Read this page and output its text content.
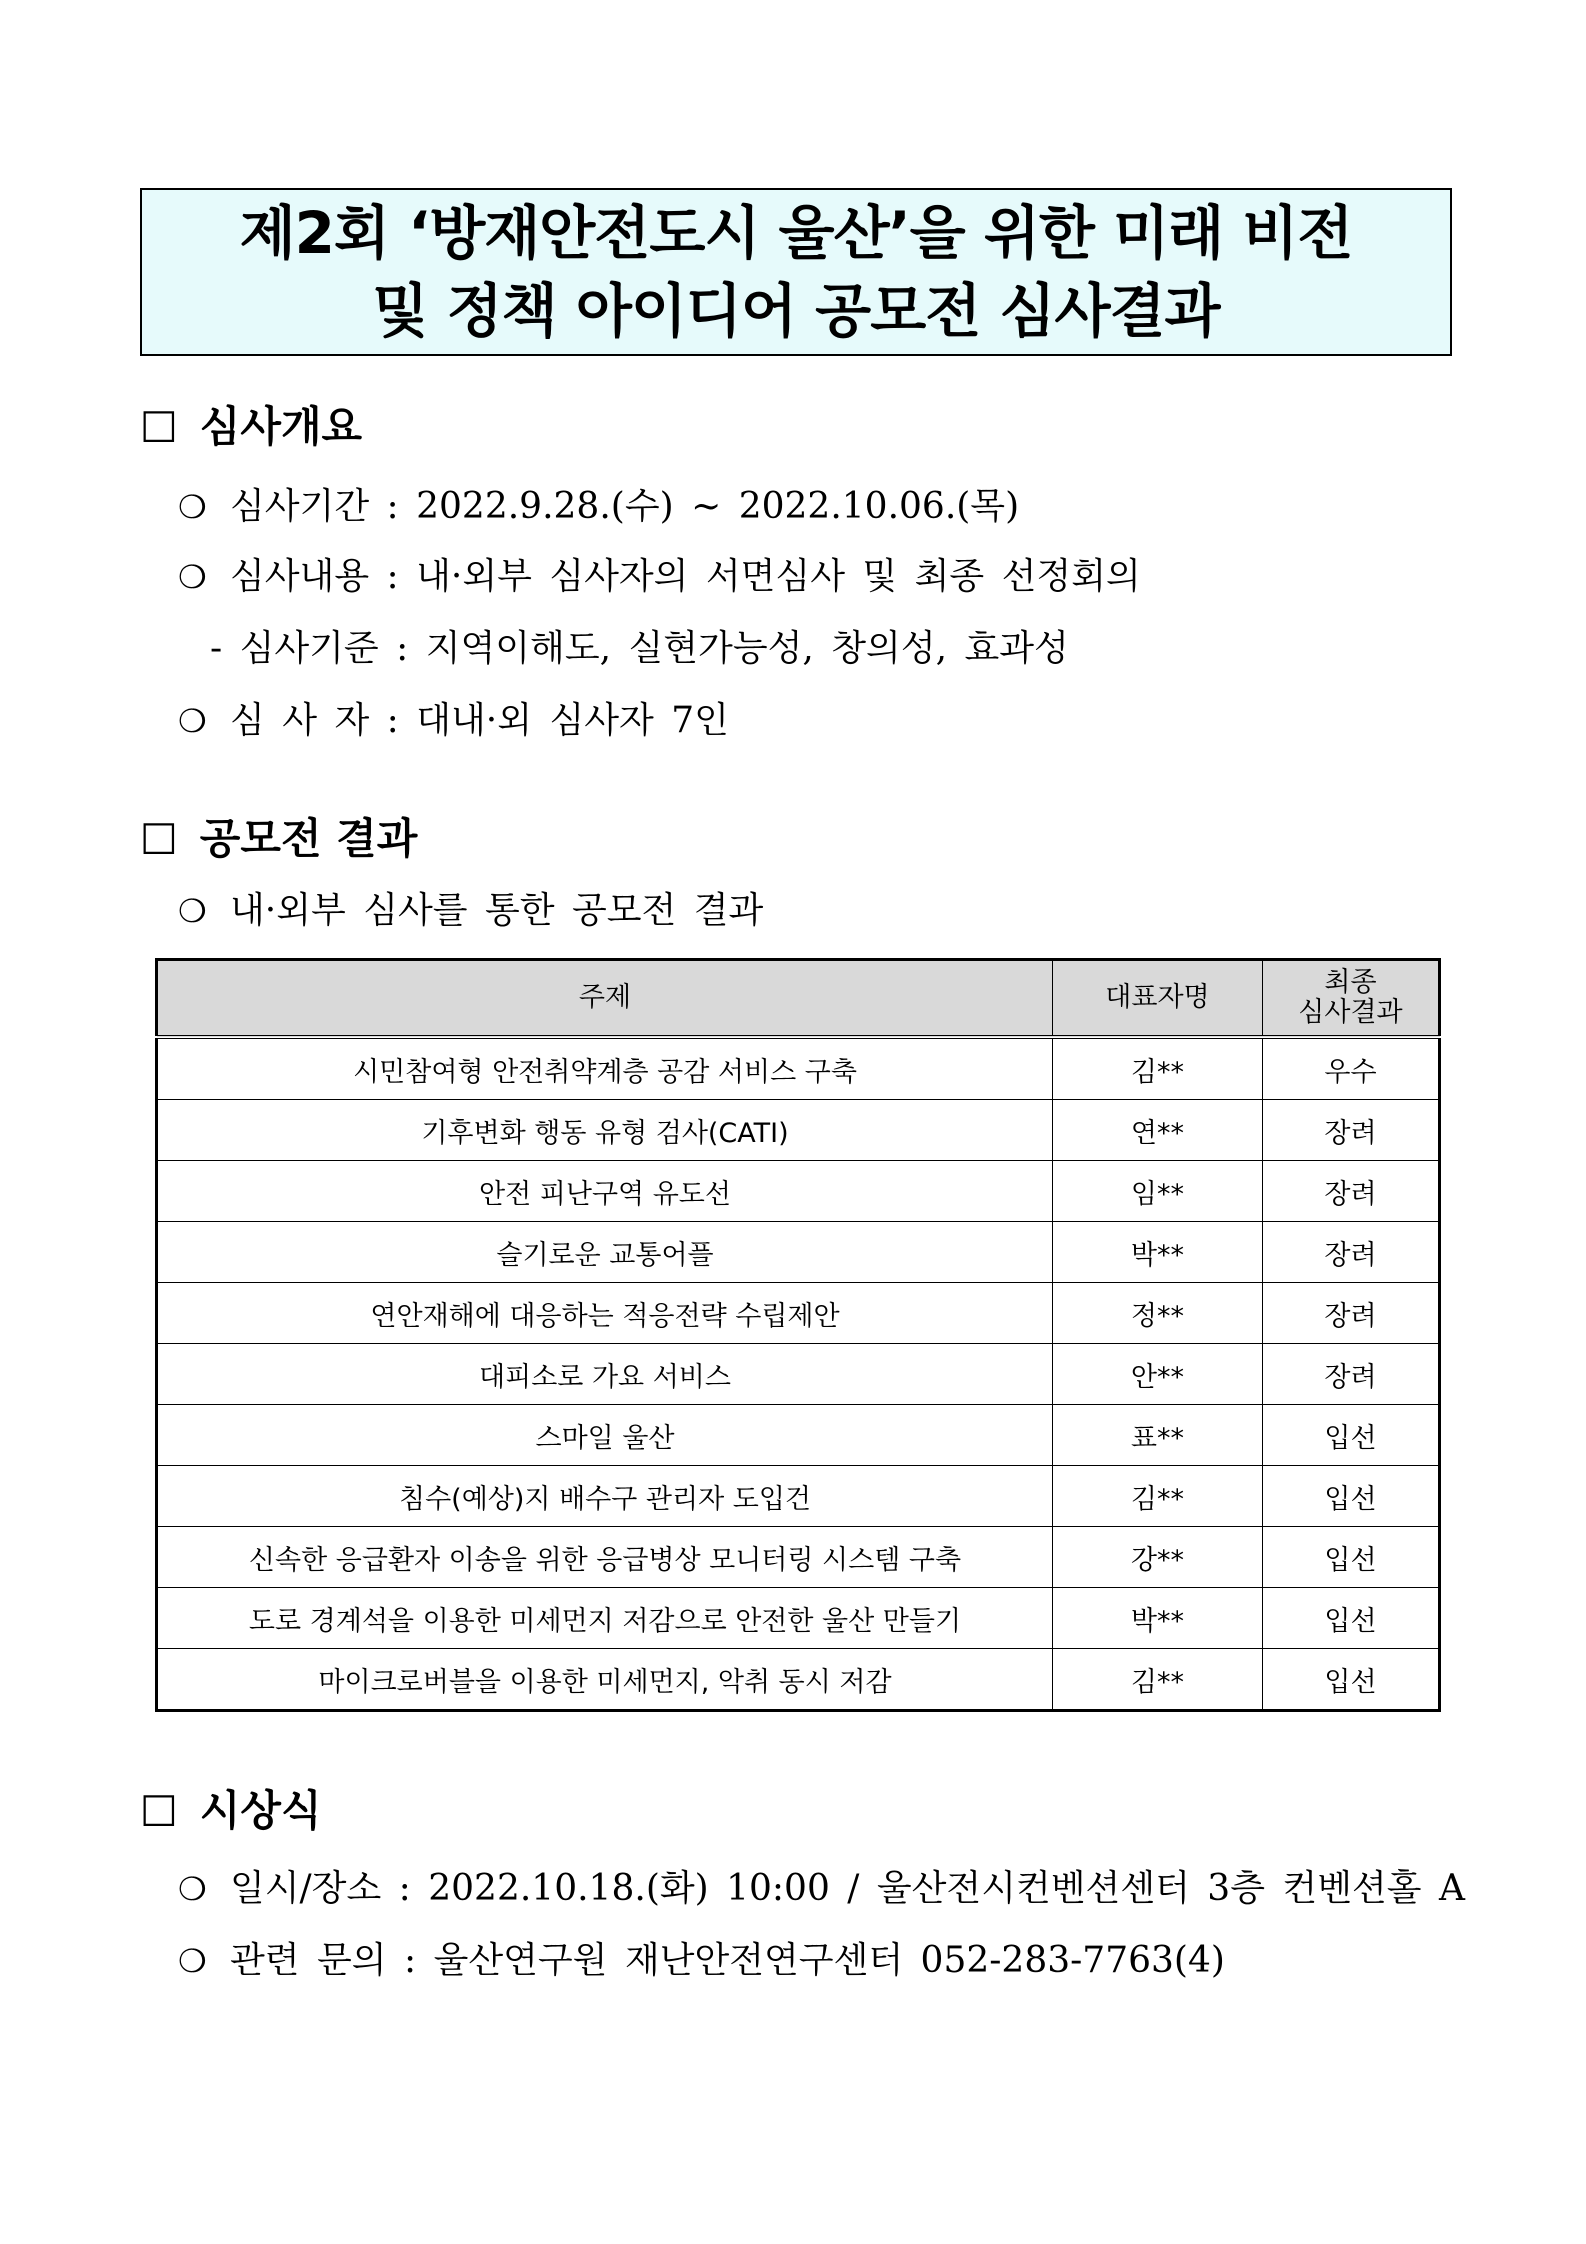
제2회 ‘방재안전도시 울산’을 위한 미래 비전
및 정책 아이디어 공모전 심사결과
□ 심사개요
❍ 심사기간 : 2022.9.28.(수) ~ 2022.10.06.(목)
❍ 심사내용 : 내·외부 심사자의 서면심사 및 최종 선정회의
- 심사기준 : 지역이해도, 실현가능성, 창의성, 효과성
❍ 심 사 자 : 대내·외 심사자 7인
□ 공모전 결과
❍ 내·외부 심사를 통한 공모전 결과
주제	대표자명	최종
심사결과
시민참여형 안전취약계층 공감 서비스 구축	김**	우수
기후변화 행동 유형 검사(CATI)	연**	장려
안전 피난구역 유도선	임**	장려
슬기로운 교통어플	박**	장려
연안재해에 대응하는 적응전략 수립제안	정**	장려
대피소로 가요 서비스	안**	장려
스마일 울산	표**	입선
침수(예상)지 배수구 관리자 도입건	김**	입선
신속한 응급환자 이송을 위한 응급병상 모니터링 시스템 구축	강**	입선
도로 경계석을 이용한 미세먼지 저감으로 안전한 울산 만들기	박**	입선
마이크로버블을 이용한 미세먼지, 악취 동시 저감	김**	입선
□ 시상식
❍ 일시/장소 : 2022.10.18.(화) 10:00 / 울산전시컨벤션센터 3층 컨벤션홀 A
❍ 관련 문의 : 울산연구원 재난안전연구센터 052-283-7763(4)
